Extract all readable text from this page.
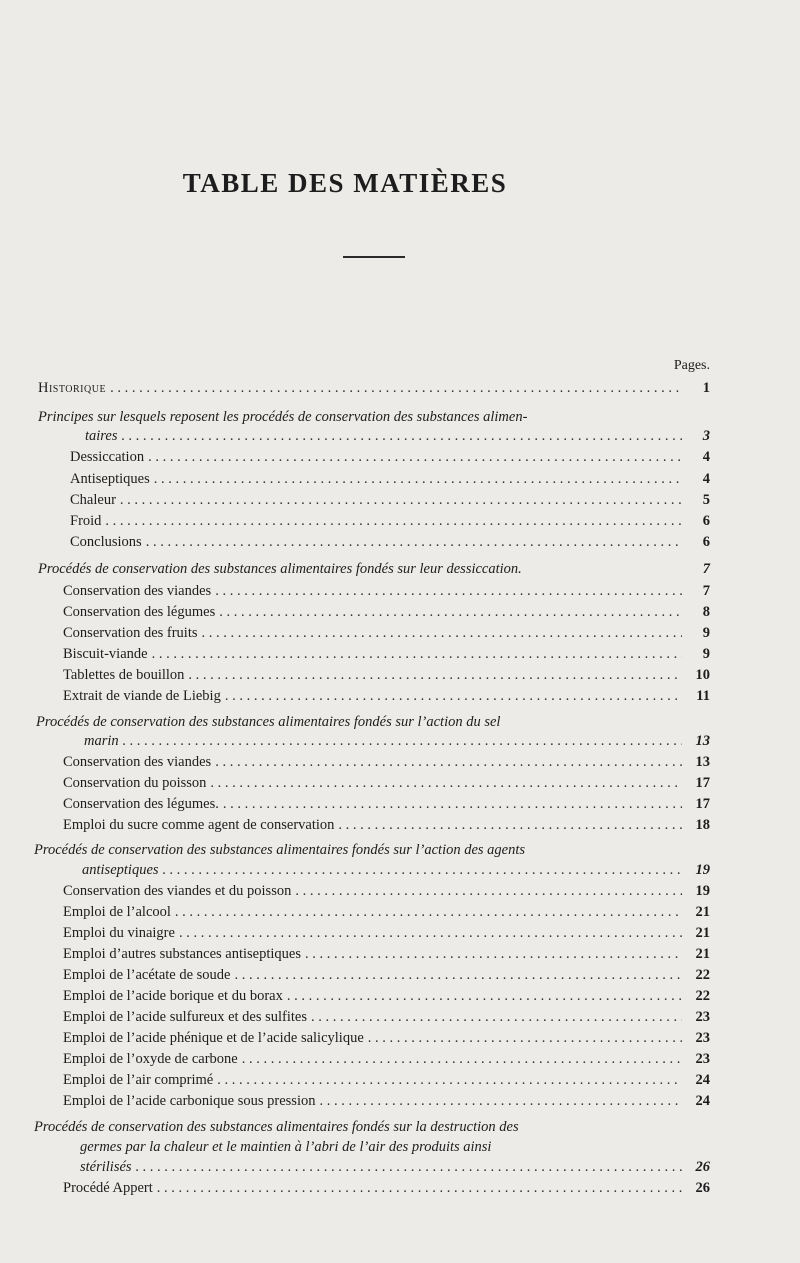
TABLE DES MATIÈRES
Pages.
Historique . . .	1
Principes sur lesquels reposent les procédés de conservation des substances alimen-
taires . . .	3
Dessiccation . . .	4
Antiseptiques . . .	4
Chaleur . . .	5
Froid . . .	6
Conclusions . . .	6
Procédés de conservation des substances alimentaires fondés sur leur dessiccation.	7
Conservation des viandes . . .	7
Conservation des légumes . . .	8
Conservation des fruits . . .	9
Biscuit-viande . . .	9
Tablettes de bouillon . . .	10
Extrait de viande de Liebig . . .	11
Procédés de conservation des substances alimentaires fondés sur l’action du sel
marin . . .	13
Conservation des viandes . . .	13
Conservation du poisson . . .	17
Conservation des légumes. . . .	17
Emploi du sucre comme agent de conservation . . .	18
Procédés de conservation des substances alimentaires fondés sur l’action des agents
antiseptiques . . .	19
Conservation des viandes et du poisson . . .	19
Emploi de l’alcool . . .	21
Emploi du vinaigre . . .	21
Emploi d’autres substances antiseptiques . . .	21
Emploi de l’acétate de soude . . .	22
Emploi de l’acide borique et du borax . . .	22
Emploi de l’acide sulfureux et des sulfites . . .	23
Emploi de l’acide phénique et de l’acide salicylique . . .	23
Emploi de l’oxyde de carbone . . .	23
Emploi de l’air comprimé . . .	24
Emploi de l’acide carbonique sous pression . . .	24
Procédés de conservation des substances alimentaires fondés sur la destruction des
germes par la chaleur et le maintien à l’abri de l’air des produits ainsi
stérilisés . . .	26
Procédé Appert . . .	26
